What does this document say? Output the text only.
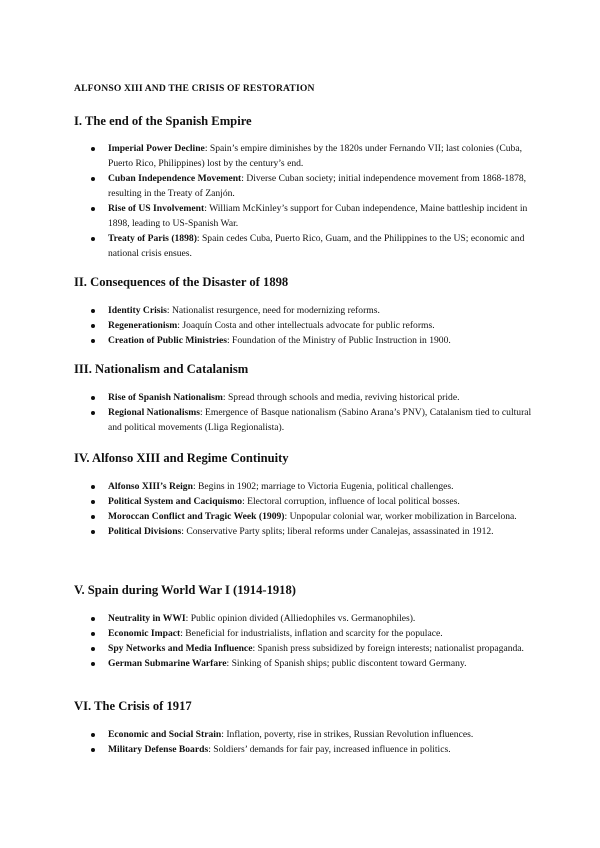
ALFONSO XIII AND THE CRISIS OF RESTORATION
I. The end of the Spanish Empire
Imperial Power Decline: Spain’s empire diminishes by the 1820s under Fernando VII; last colonies (Cuba, Puerto Rico, Philippines) lost by the century’s end.
Cuban Independence Movement: Diverse Cuban society; initial independence movement from 1868-1878, resulting in the Treaty of Zanjón.
Rise of US Involvement: William McKinley’s support for Cuban independence, Maine battleship incident in 1898, leading to US-Spanish War.
Treaty of Paris (1898): Spain cedes Cuba, Puerto Rico, Guam, and the Philippines to the US; economic and national crisis ensues.
II. Consequences of the Disaster of 1898
Identity Crisis: Nationalist resurgence, need for modernizing reforms.
Regenerationism: Joaquín Costa and other intellectuals advocate for public reforms.
Creation of Public Ministries: Foundation of the Ministry of Public Instruction in 1900.
III. Nationalism and Catalanism
Rise of Spanish Nationalism: Spread through schools and media, reviving historical pride.
Regional Nationalisms: Emergence of Basque nationalism (Sabino Arana’s PNV), Catalanism tied to cultural and political movements (Lliga Regionalista).
IV. Alfonso XIII and Regime Continuity
Alfonso XIII’s Reign: Begins in 1902; marriage to Victoria Eugenia, political challenges.
Political System and Caciquismo: Electoral corruption, influence of local political bosses.
Moroccan Conflict and Tragic Week (1909): Unpopular colonial war, worker mobilization in Barcelona.
Political Divisions: Conservative Party splits; liberal reforms under Canalejas, assassinated in 1912.
V. Spain during World War I (1914-1918)
Neutrality in WWI: Public opinion divided (Alliedophiles vs. Germanophiles).
Economic Impact: Beneficial for industrialists, inflation and scarcity for the populace.
Spy Networks and Media Influence: Spanish press subsidized by foreign interests; nationalist propaganda.
German Submarine Warfare: Sinking of Spanish ships; public discontent toward Germany.
VI. The Crisis of 1917
Economic and Social Strain: Inflation, poverty, rise in strikes, Russian Revolution influences.
Military Defense Boards: Soldiers’ demands for fair pay, increased influence in politics.
